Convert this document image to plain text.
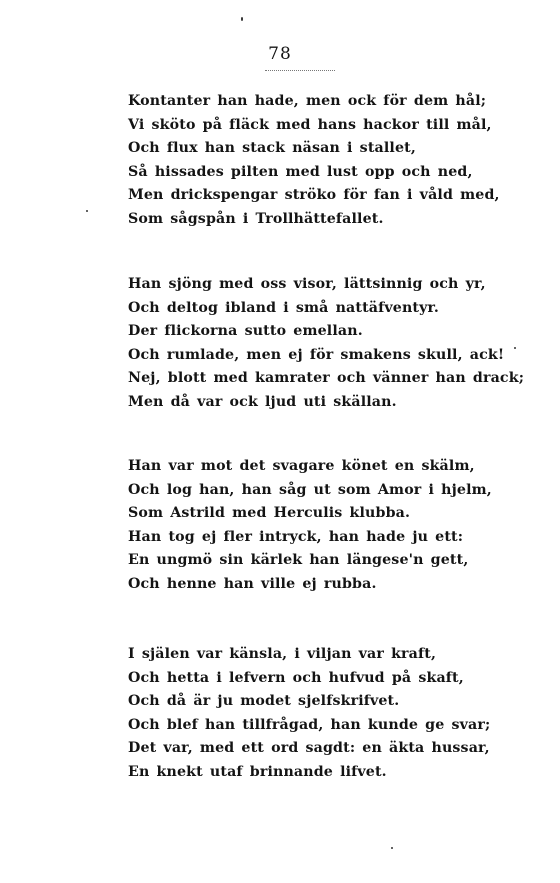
78
Kontanter han hade, men ock för dem hål;
Vi sköto på fläck med hans hackor till mål,
Och flux han stack näsan i stallet,
Så hissades pilten med lust opp och ned,
Men drickspengar ströko för fan i våld med,
Som sågspån i Trollhättefallet.
Han sjöng med oss visor, lättsinnig och yr,
Och deltog ibland i små nattäfventyr.
Der flickorna sutto emellan.
Och rumlade, men ej för smakens skull, ack!
Nej, blott med kamrater och vänner han drack;
Men då var ock ljud uti skällan.
Han var mot det svagare könet en skälm,
Och log han, han såg ut som Amor i hjelm,
Som Astrild med Herculis klubba.
Han tog ej fler intryck, han hade ju ett:
En ungmö sin kärlek han längese'n gett,
Och henne han ville ej rubba.
I själen var känsla, i viljan var kraft,
Och hetta i lefvern och hufvud på skaft,
Och då är ju modet sjelfskrifvet.
Och blef han tillfrågad, han kunde ge svar;
Det var, med ett ord sagdt: en äkta hussar,
En knekt utaf brinnande lifvet.
